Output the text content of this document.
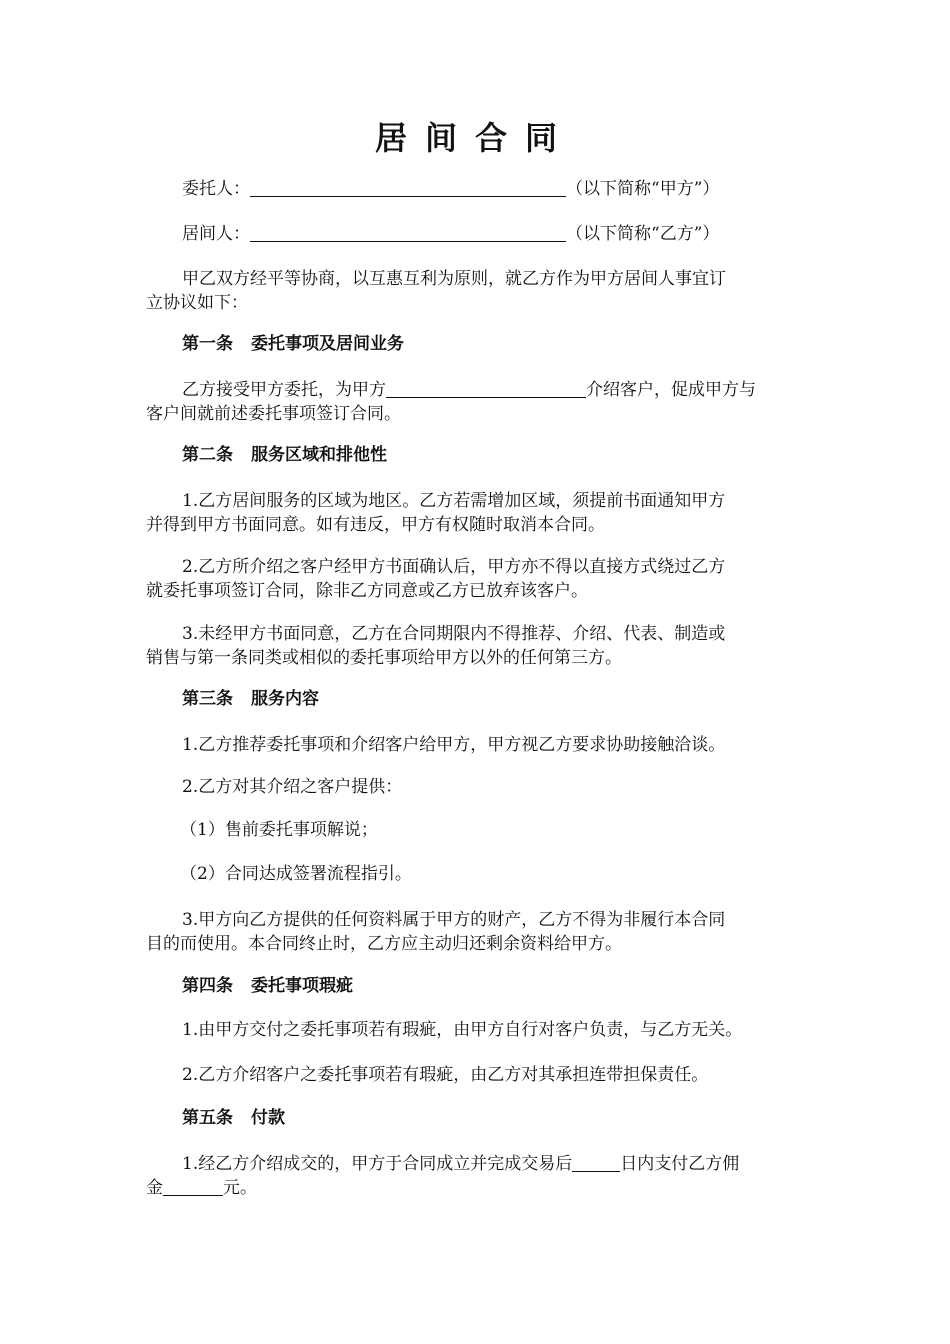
居间合同
委托人：	（以下简称“甲方”）
居间人：	（以下简称“乙方”）
甲乙双方经平等协商，以互惠互利为原则，就乙方作为甲方居间人事宜订
立协议如下：
第一条 委托事项及居间业务
乙方接受甲方委托，为甲方	介绍客户，促成甲方与
客户间就前述委托事项签订合同。
第二条 服务区域和排他性
1.乙方居间服务的区域为地区。乙方若需增加区域，须提前书面通知甲方
并得到甲方书面同意。如有违反，甲方有权随时取消本合同。
2.乙方所介绍之客户经甲方书面确认后，甲方亦不得以直接方式绕过乙方
就委托事项签订合同，除非乙方同意或乙方已放弃该客户。
3.未经甲方书面同意，乙方在合同期限内不得推荐、介绍、代表、制造或
销售与第一条同类或相似的委托事项给甲方以外的任何第三方。
第三条 服务内容
1.乙方推荐委托事项和介绍客户给甲方，甲方视乙方要求协助接触洽谈。
2.乙方对其介绍之客户提供：
（1）售前委托事项解说；
（2）合同达成签署流程指引。
3.甲方向乙方提供的任何资料属于甲方的财产，乙方不得为非履行本合同
目的而使用。本合同终止时，乙方应主动归还剩余资料给甲方。
第四条 委托事项瑕疵
1.由甲方交付之委托事项若有瑕疵，由甲方自行对客户负责，与乙方无关。
2.乙方介绍客户之委托事项若有瑕疵，由乙方对其承担连带担保责任。
第五条 付款
1.经乙方介绍成交的，甲方于合同成立并完成交易后	日内支付乙方佣
金	元。
